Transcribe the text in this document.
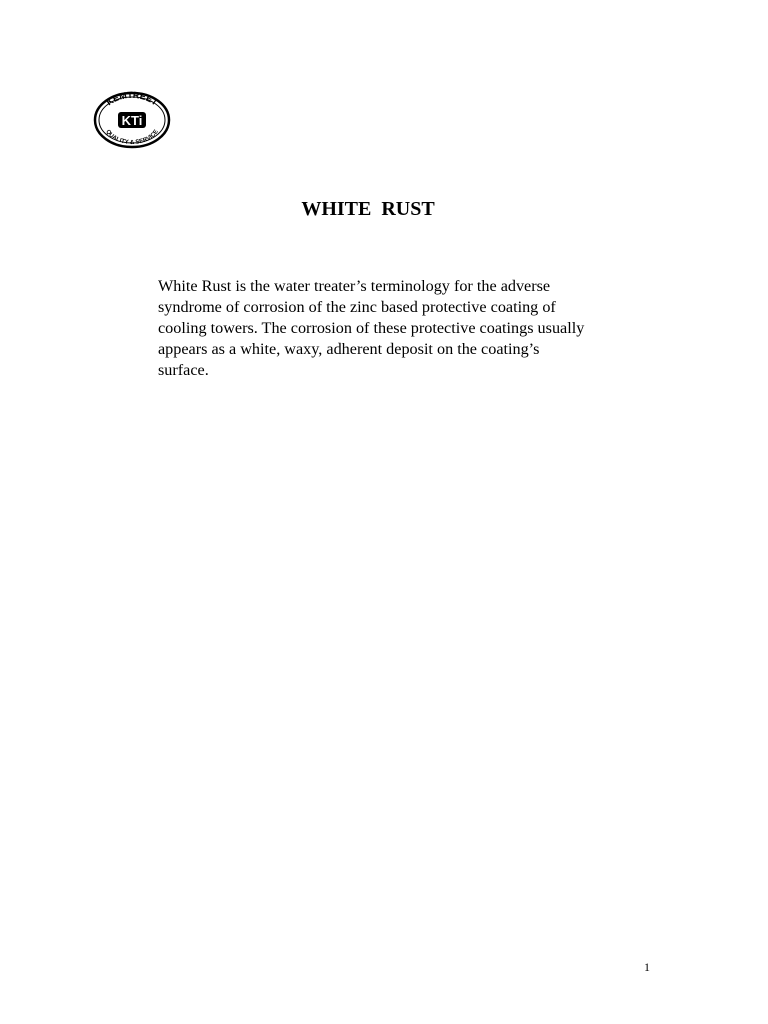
KEMTREET
KTi
QUALITY & SERVICE
WHITE  RUST

White Rust is the water treater’s terminology for the adverse
syndrome of corrosion of the zinc based protective coating of
cooling towers. The corrosion of these protective coatings usually
appears as a white, waxy, adherent deposit on the coating’s
surface.

1
